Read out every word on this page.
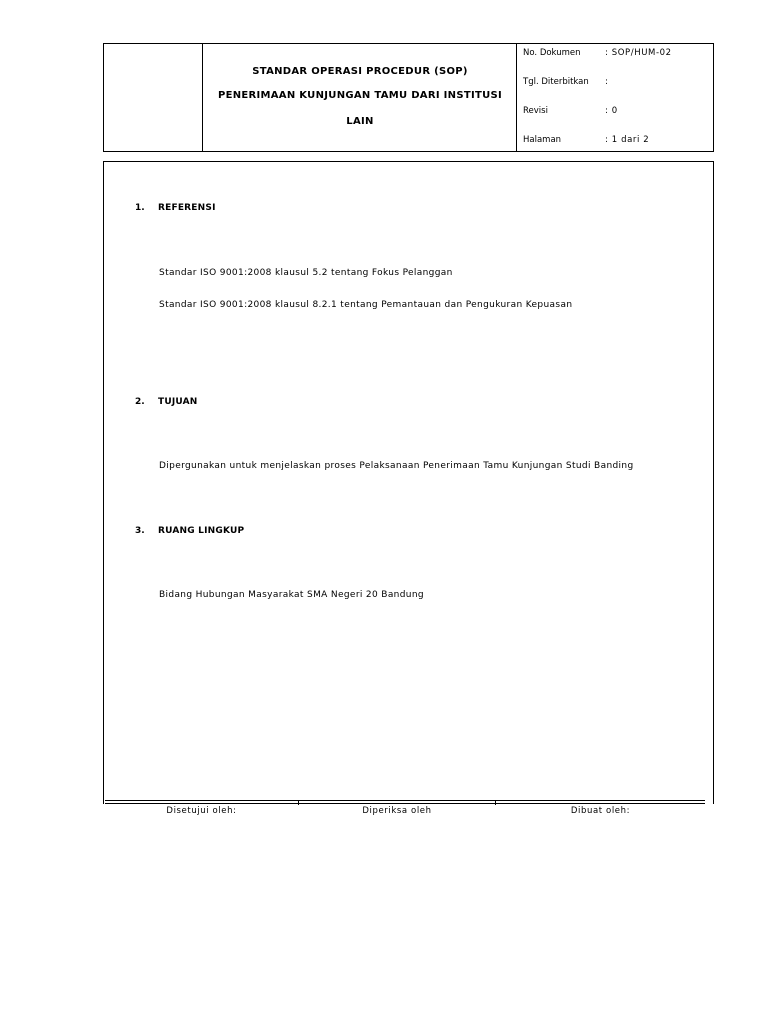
STANDAR OPERASI PROCEDUR (SOP)
PENERIMAAN KUNJUNGAN TAMU DARI INSTITUSI
LAIN
No. Dokumen	: SOP/HUM-02
Tgl. Diterbitkan :
Revisi	: 0
Halaman	: 1 dari 2
1. REFERENSI
Standar ISO 9001:2008 klausul 5.2 tentang Fokus Pelanggan
Standar ISO 9001:2008 klausul 8.2.1 tentang Pemantauan dan Pengukuran Kepuasan
2. TUJUAN
Dipergunakan untuk menjelaskan proses Pelaksanaan Penerimaan Tamu Kunjungan Studi Banding
3. RUANG LINGKUP
Bidang Hubungan Masyarakat SMA Negeri 20 Bandung
Disetujui oleh:	Diperiksa oleh	Dibuat oleh:
